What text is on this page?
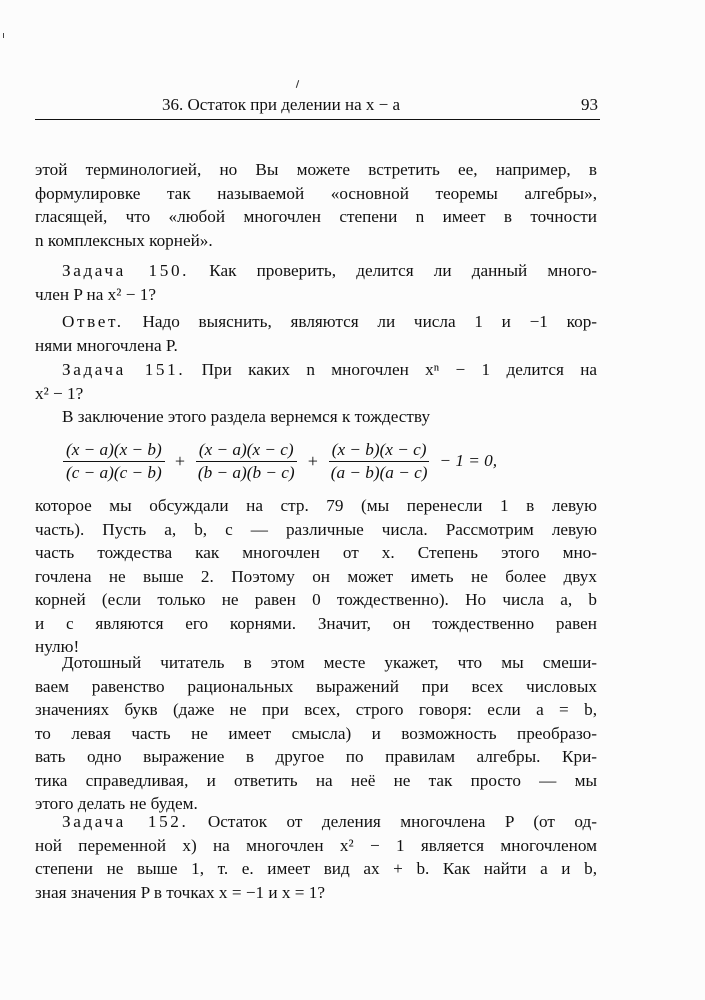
36. Остаток при делении на x − a	93
этой терминологией, но Вы можете встретить ее, например, в
формулировке так называемой «основной теоремы алгебры»,
гласящей, что «любой многочлен степени n имеет в точности
n комплексных корней».
Задача 150. Как проверить, делится ли данный много-
член P на x² − 1?
Ответ. Надо выяснить, являются ли числа 1 и −1 кор-
нями многочлена P.
Задача 151. При каких n многочлен xⁿ − 1 делится на
x² − 1?
В заключение этого раздела вернемся к тождеству
$\frac{(x - a)(x - b)}{(c - a)(c - b)} + \frac{(x - a)(x - c)}{(b - a)(b - c)} + \frac{(x - b)(x - c)}{(a - b)(a - c)} - 1 = 0$,
которое мы обсуждали на стр. 79 (мы перенесли 1 в левую
часть). Пусть a, b, c — различные числа. Рассмотрим левую
часть тождества как многочлен от x. Степень этого мно-
гочлена не выше 2. Поэтому он может иметь не более двух
корней (если только не равен 0 тождественно). Но числа a, b
и c являются его корнями. Значит, он тождественно равен
нулю!
Дотошный читатель в этом месте укажет, что мы смеши-
ваем равенство рациональных выражений при всех числовых
значениях букв (даже не при всех, строго говоря: если a = b,
то левая часть не имеет смысла) и возможность преобразо-
вать одно выражение в другое по правилам алгебры. Кри-
тика справедливая, и ответить на неё не так просто — мы
этого делать не будем.
Задача 152. Остаток от деления многочлена P (от од-
ной переменной x) на многочлен x² − 1 является многочленом
степени не выше 1, т. е. имеет вид ax + b. Как найти a и b,
зная значения P в точках x = −1 и x = 1?
